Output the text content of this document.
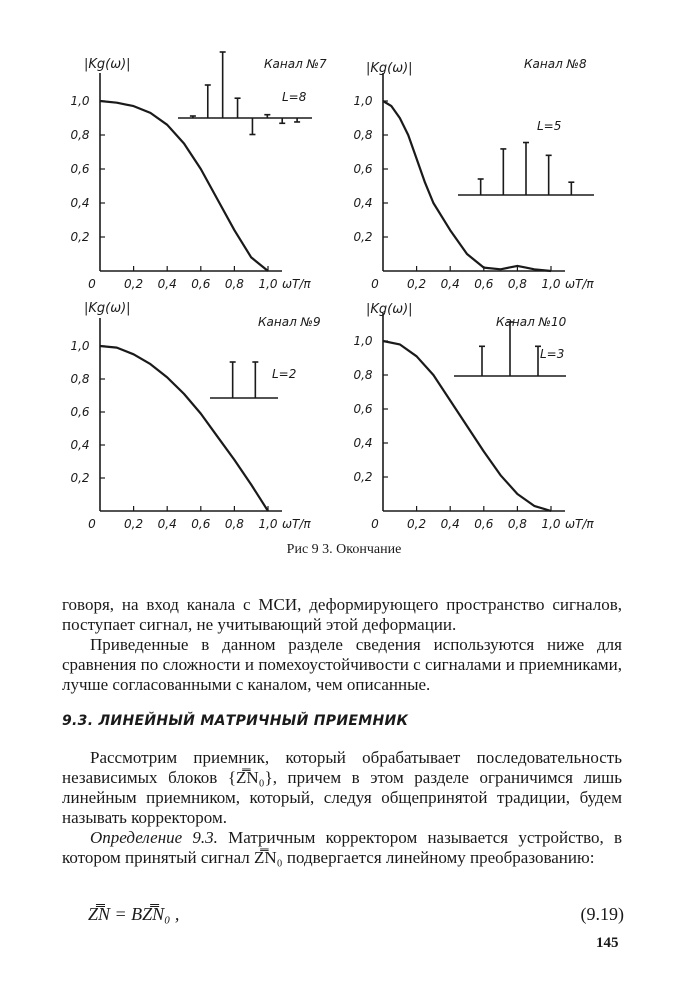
1,0
0,8
0,6
0,4
0,2
0,2 0,4 0,6 0,8 1,0
0	ωT/π
|Kg(ω)|	Канал №7
L=8	1,0
0,8
0,6
0,4
0,2
0,2 0,4 0,6 0,8 1,0
0	ωT/π
|Kg(ω)|	Канал №8
L=5
1,0
0,8
0,6
0,4
0,2
0,2 0,4 0,6 0,8 1,0
0	ωT/π
|Kg(ω)|
Канал №9
L=2
1,0
0,8
0,6
0,4
0,2
0,2 0,4 0,6 0,8 1,0
0	ωT/π
|Kg(ω)|
Канал №10
L=3
Рис 9 3. Окончание

говоря, на вход канала с МСИ, деформирующего пространство сигналов, поступает сигнал, не учитывающий этой деформации.

Приведенные в данном разделе сведения используются ниже для сравнения по сложности и помехоустойчивости с сигналами и приемниками, лучше согласованными с каналом, чем описанные.

9.3. ЛИНЕЙНЫЙ МАТРИЧНЫЙ ПРИЕМНИК

Рассмотрим приемник, который обрабатывает последовательность независимых блоков {Z̿N₀}, причем в этом разделе ограничимся лишь линейным приемником, который, следуя общепринятой традиции, будем называть корректором.

Определение 9.3. Матричным корректором называется устройство, в котором принятый сигнал Z̿N₀ подвергается линейному преобразованию:

Z̿N = BZ̿N₀ ,	(9.19)
145
